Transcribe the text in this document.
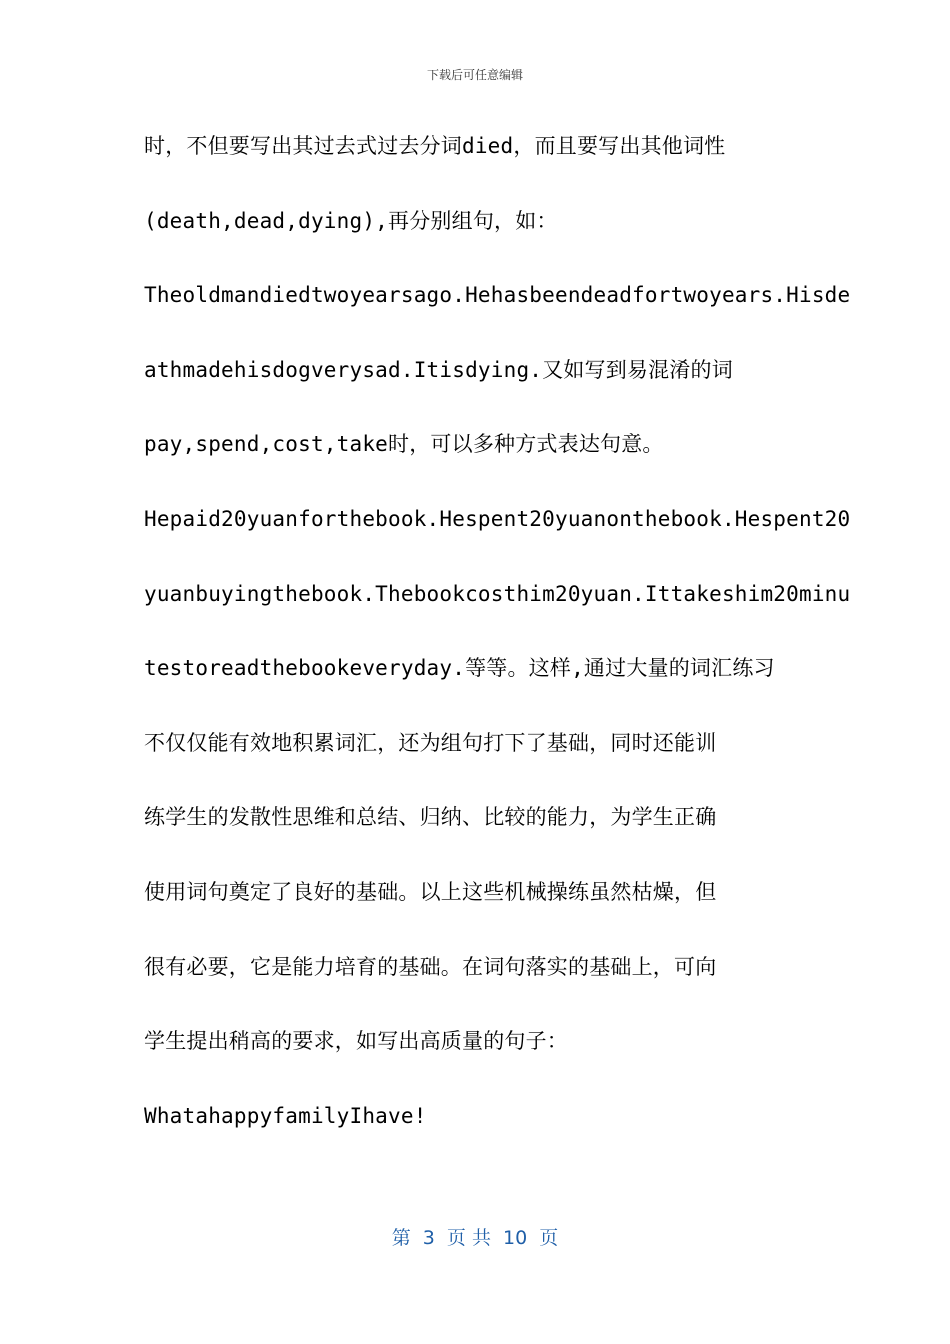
下载后可任意编辑
时，不但要写出其过去式过去分词died，而且要写出其他词性
(death,dead,dying),再分别组句，如：
Theoldmandiedtwoyearsago.Hehasbeendeadfortwoyears.Hisde
athmadehisdogverysad.Itisdying.又如写到易混淆的词
pay,spend,cost,take时，可以多种方式表达句意。
Hepaid20yuanforthebook.Hespent20yuanonthebook.Hespent20
yuanbuyingthebook.Thebookcosthim20yuan.Ittakeshim20minu
testoreadthebookeveryday.等等。这样,通过大量的词汇练习
不仅仅能有效地积累词汇，还为组句打下了基础，同时还能训
练学生的发散性思维和总结、归纳、比较的能力，为学生正确
使用词句奠定了良好的基础。以上这些机械操练虽然枯燥，但
很有必要，它是能力培育的基础。在词句落实的基础上，可向
学生提出稍高的要求，如写出高质量的句子：
WhatahappyfamilyIhave!
第  3  页 共  10  页
